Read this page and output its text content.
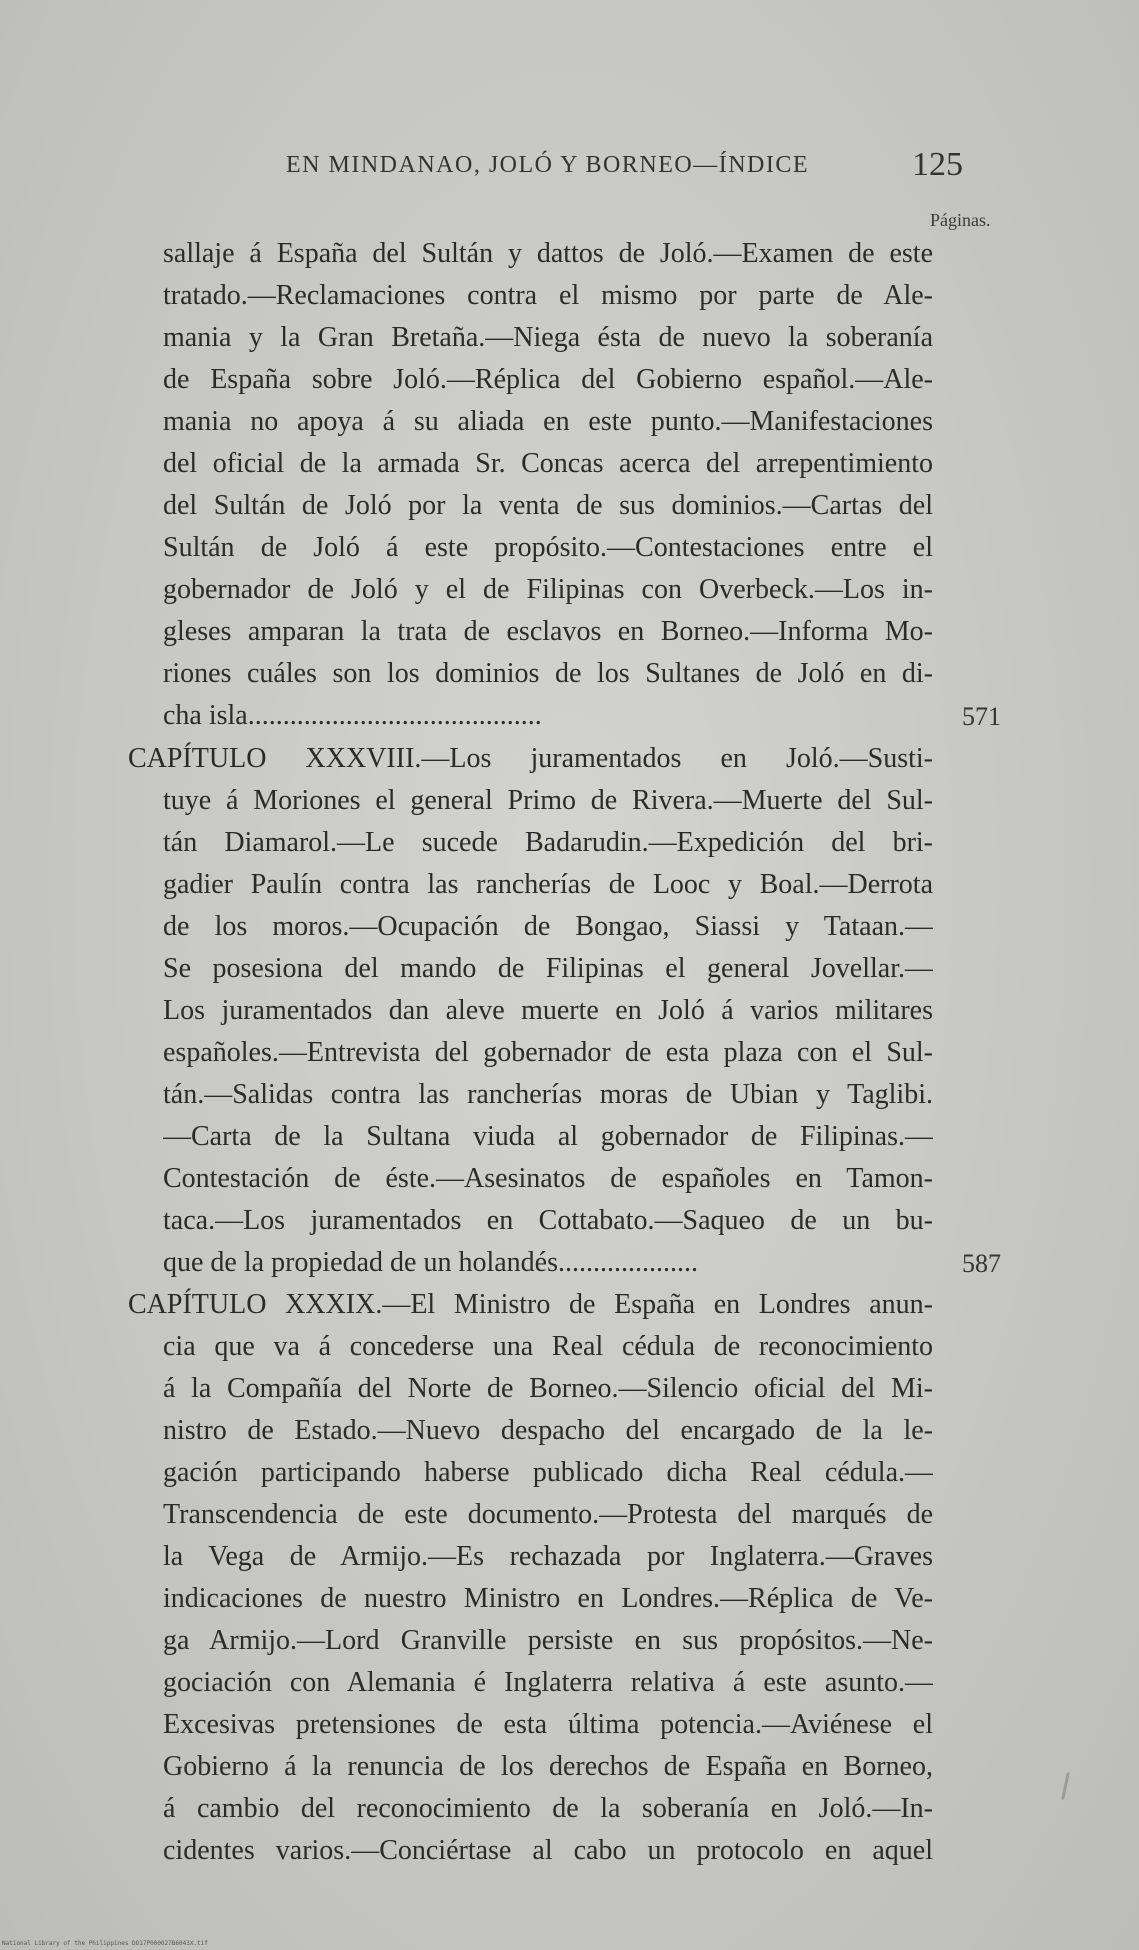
EN MINDANAO, JOLÓ Y BORNEO—ÍNDICE	125
Páginas.
sallaje á España del Sultán y dattos de Joló.—Examen de este
tratado.—Reclamaciones contra el mismo por parte de Ale-
mania y la Gran Bretaña.—Niega ésta de nuevo la soberanía
de España sobre Joló.—Réplica del Gobierno español.—Ale-
mania no apoya á su aliada en este punto.—Manifestaciones
del oficial de la armada Sr. Concas acerca del arrepentimiento
del Sultán de Joló por la venta de sus dominios.—Cartas del
Sultán de Joló á este propósito.—Contestaciones entre el
gobernador de Joló y el de Filipinas con Overbeck.—Los in-
gleses amparan la trata de esclavos en Borneo.—Informa Mo-
riones cuáles son los dominios de los Sultanes de Joló en di-
cha isla..........................................	571
CAPÍTULO XXXVIII.—Los juramentados en Joló.—Susti-
tuye á Moriones el general Primo de Rivera.—Muerte del Sul-
tán Diamarol.—Le sucede Badarudin.—Expedición del bri-
gadier Paulín contra las rancherías de Looc y Boal.—Derrota
de los moros.—Ocupación de Bongao, Siassi y Tataan.—
Se posesiona del mando de Filipinas el general Jovellar.—
Los juramentados dan aleve muerte en Joló á varios militares
españoles.—Entrevista del gobernador de esta plaza con el Sul-
tán.—Salidas contra las rancherías moras de Ubian y Taglibi.
—Carta de la Sultana viuda al gobernador de Filipinas.—
Contestación de éste.—Asesinatos de españoles en Tamon-
taca.—Los juramentados en Cottabato.—Saqueo de un bu-
que de la propiedad de un holandés....................	587
CAPÍTULO XXXIX.—El Ministro de España en Londres anun-
cia que va á concederse una Real cédula de reconocimiento
á la Compañía del Norte de Borneo.—Silencio oficial del Mi-
nistro de Estado.—Nuevo despacho del encargado de la le-
gación participando haberse publicado dicha Real cédula.—
Transcendencia de este documento.—Protesta del marqués de
la Vega de Armijo.—Es rechazada por Inglaterra.—Graves
indicaciones de nuestro Ministro en Londres.—Réplica de Ve-
ga Armijo.—Lord Granville persiste en sus propósitos.—Ne-
gociación con Alemania é Inglaterra relativa á este asunto.—
Excesivas pretensiones de esta última potencia.—Aviénese el
Gobierno á la renuncia de los derechos de España en Borneo,
á cambio del reconocimiento de la soberanía en Joló.—In-
cidentes varios.—Conciértase al cabo un protocolo en aquel
National Library of the Philippines DO17P000027B6043X.tif
